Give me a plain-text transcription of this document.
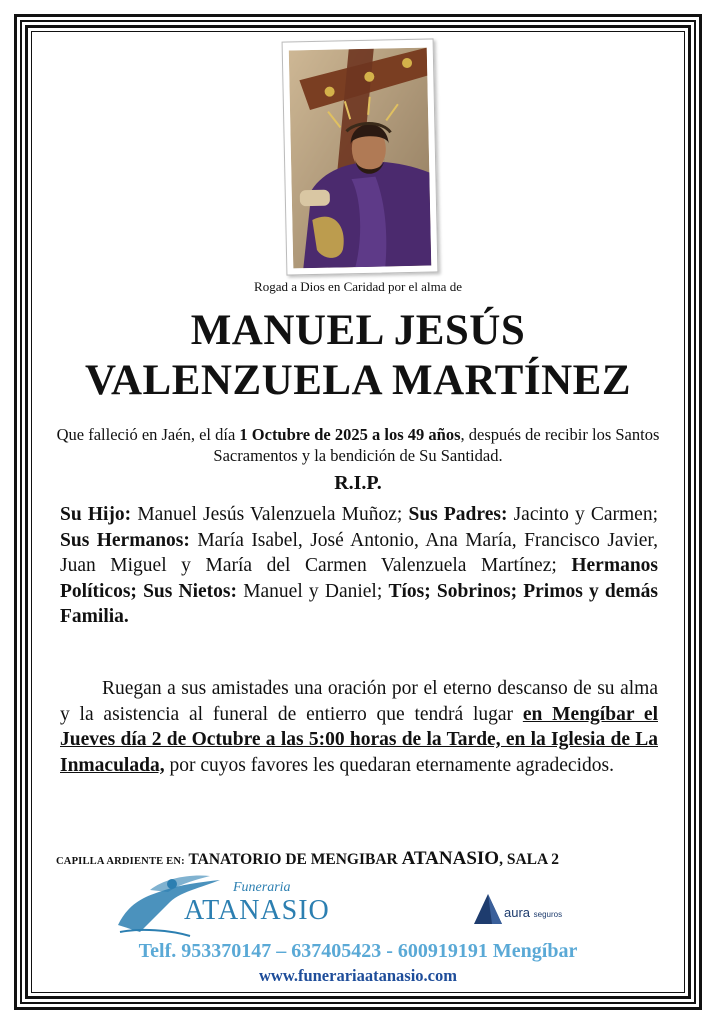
Rogad a Dios en Caridad por el alma de
MANUEL JESÚS
VALENZUELA MARTÍNEZ
Que falleció en Jaén, el día 1 Octubre de 2025 a los 49 años, después de recibir los Santos Sacramentos y la bendición de Su Santidad.
R.I.P.
Su Hijo: Manuel Jesús Valenzuela Muñoz; Sus Padres: Jacinto y Carmen; Sus Hermanos: María Isabel, José Antonio, Ana María, Francisco Javier, Juan Miguel y María del Carmen Valenzuela Martínez; Hermanos Políticos; Sus Nietos: Manuel y Daniel; Tíos; Sobrinos; Primos y demás Familia.
Ruegan a sus amistades una oración por el eterno descanso de su alma y la asistencia al funeral de entierro que tendrá lugar en Mengíbar el Jueves día 2 de Octubre a las 5:00 horas de la Tarde, en la Iglesia de La Inmaculada, por cuyos favores les quedaran eternamente agradecidos.
CAPILLA ARDIENTE EN: TANATORIO DE MENGIBAR ATANASIO, SALA 2
Funeraria
ATANASIO	aura seguros
Telf. 953370147 – 637405423 - 600919191 Mengíbar
www.funerariaatanasio.com
